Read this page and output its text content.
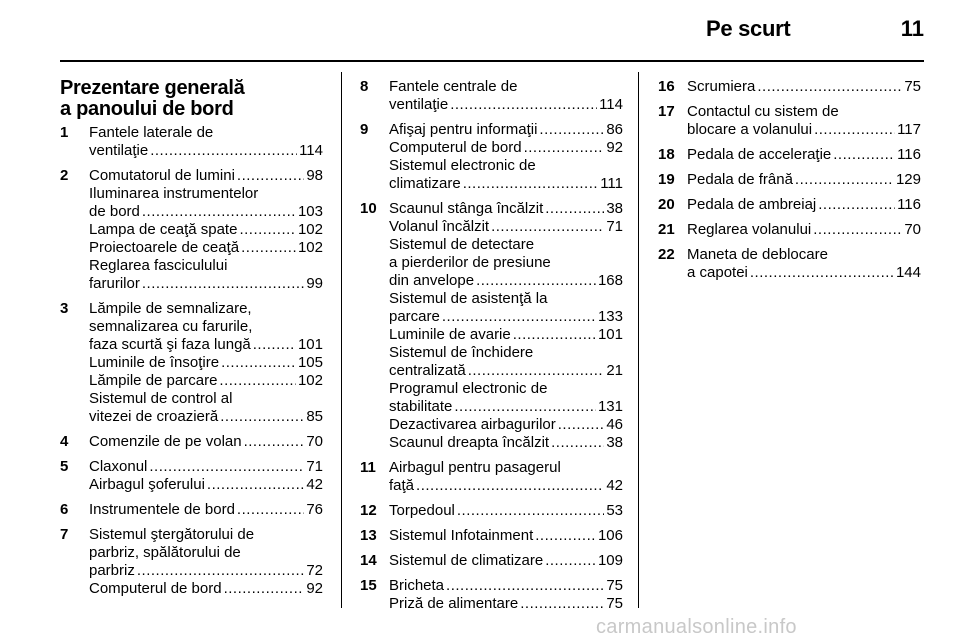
Pe scurt	11
Prezentare generală
a panoului de bord
1	Fantele laterale de
ventilaţie .....	114
2	Comutatorul de lumini .....	98
Iluminarea instrumentelor
de bord .....	103
Lampa de ceaţă spate .....	102
Proiectoarele de ceaţă .....	102
Reglarea fasciculului
farurilor .....	99
3	Lămpile de semnalizare,
semnalizarea cu farurile,
faza scurtă şi faza lungă .....	101
Luminile de însoţire .....	105
Lămpile de parcare .....	102
Sistemul de control al
vitezei de croazieră .....	85
4	Comenzile de pe volan .....	70
5	Claxonul .....	71
Airbagul şoferului .....	42
6	Instrumentele de bord .....	76
7	Sistemul ştergătorului de
parbriz, spălătorului de
parbriz .....	72
Computerul de bord .....	92
8	Fantele centrale de
ventilaţie .....	114
9	Afişaj pentru informaţii .....	86
Computerul de bord .....	92
Sistemul electronic de
climatizare .....	111
10 Scaunul stânga încălzit .....	38
Volanul încălzit .....	71
Sistemul de detectare
a pierderilor de presiune
din anvelope .....	168
Sistemul de asistenţă la
parcare .....	133
Luminile de avarie .....	101
Sistemul de închidere
centralizată .....	21
Programul electronic de
stabilitate .....	131
Dezactivarea airbagurilor .....	46
Scaunul dreapta încălzit .....	38
11 Airbagul pentru pasagerul
faţă .....	42
12 Torpedoul .....	53
13 Sistemul Infotainment .....	106
14 Sistemul de climatizare .....	109
15 Bricheta .....	75
Priză de alimentare .....	75
16 Scrumiera .....	75
17 Contactul cu sistem de
blocare a volanului .....	117
18 Pedala de acceleraţie .....	116
19 Pedala de frână .....	129
20 Pedala de ambreiaj .....	116
21 Reglarea volanului .....	70
22 Maneta de deblocare
a capotei .....	144
carmanualsonline.info
